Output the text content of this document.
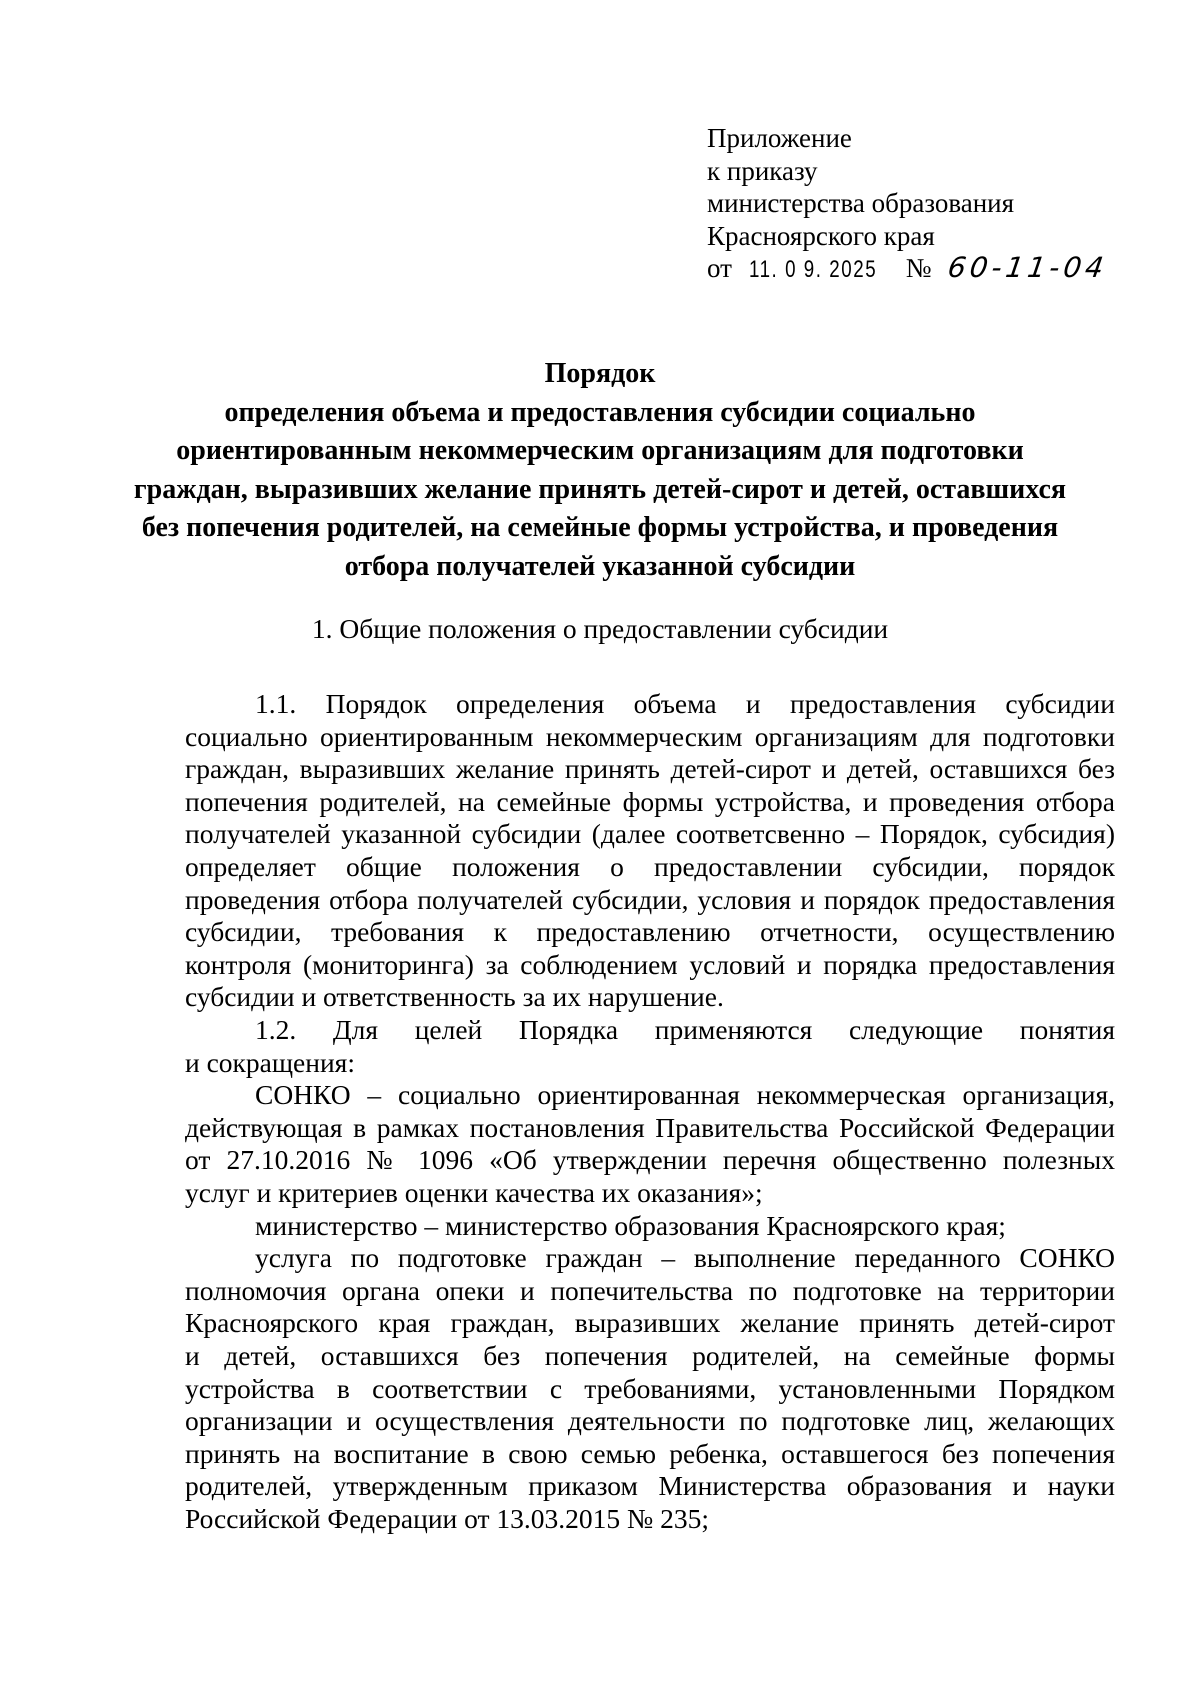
Приложение
к приказу
министерства образования
Красноярского края
от 11. 0 9. 2025 № 60-11-04
Порядок
определения объема и предоставления субсидии социально
ориентированным некоммерческим организациям для подготовки
граждан, выразивших желание принять детей-сирот и детей, оставшихся
без попечения родителей, на семейные формы устройства, и проведения
отбора получателей указанной субсидии
1. Общие положения о предоставлении субсидии
1.1. Порядок определения объема и предоставления субсидии
социально ориентированным некоммерческим организациям для подготовки
граждан, выразивших желание принять детей-сирот и детей, оставшихся без
попечения родителей, на семейные формы устройства, и проведения отбора
получателей указанной субсидии (далее соответсвенно – Порядок, субсидия)
определяет общие положения о предоставлении субсидии, порядок
проведения отбора получателей субсидии, условия и порядок предоставления
субсидии, требования к предоставлению отчетности, осуществлению
контроля (мониторинга) за соблюдением условий и порядка предоставления
субсидии и ответственность за их нарушение.
1.2. Для целей Порядка применяются следующие понятия
и сокращения:
СОНКО – социально ориентированная некоммерческая организация,
действующая в рамках постановления Правительства Российской Федерации
от 27.10.2016 № 1096 «Об утверждении перечня общественно полезных
услуг и критериев оценки качества их оказания»;
министерство – министерство образования Красноярского края;
услуга по подготовке граждан – выполнение переданного СОНКО
полномочия органа опеки и попечительства по подготовке на территории
Красноярского края граждан, выразивших желание принять детей-сирот
и детей, оставшихся без попечения родителей, на семейные формы
устройства в соответствии с требованиями, установленными Порядком
организации и осуществления деятельности по подготовке лиц, желающих
принять на воспитание в свою семью ребенка, оставшегося без попечения
родителей, утвержденным приказом Министерства образования и науки
Российской Федерации от 13.03.2015 № 235;
